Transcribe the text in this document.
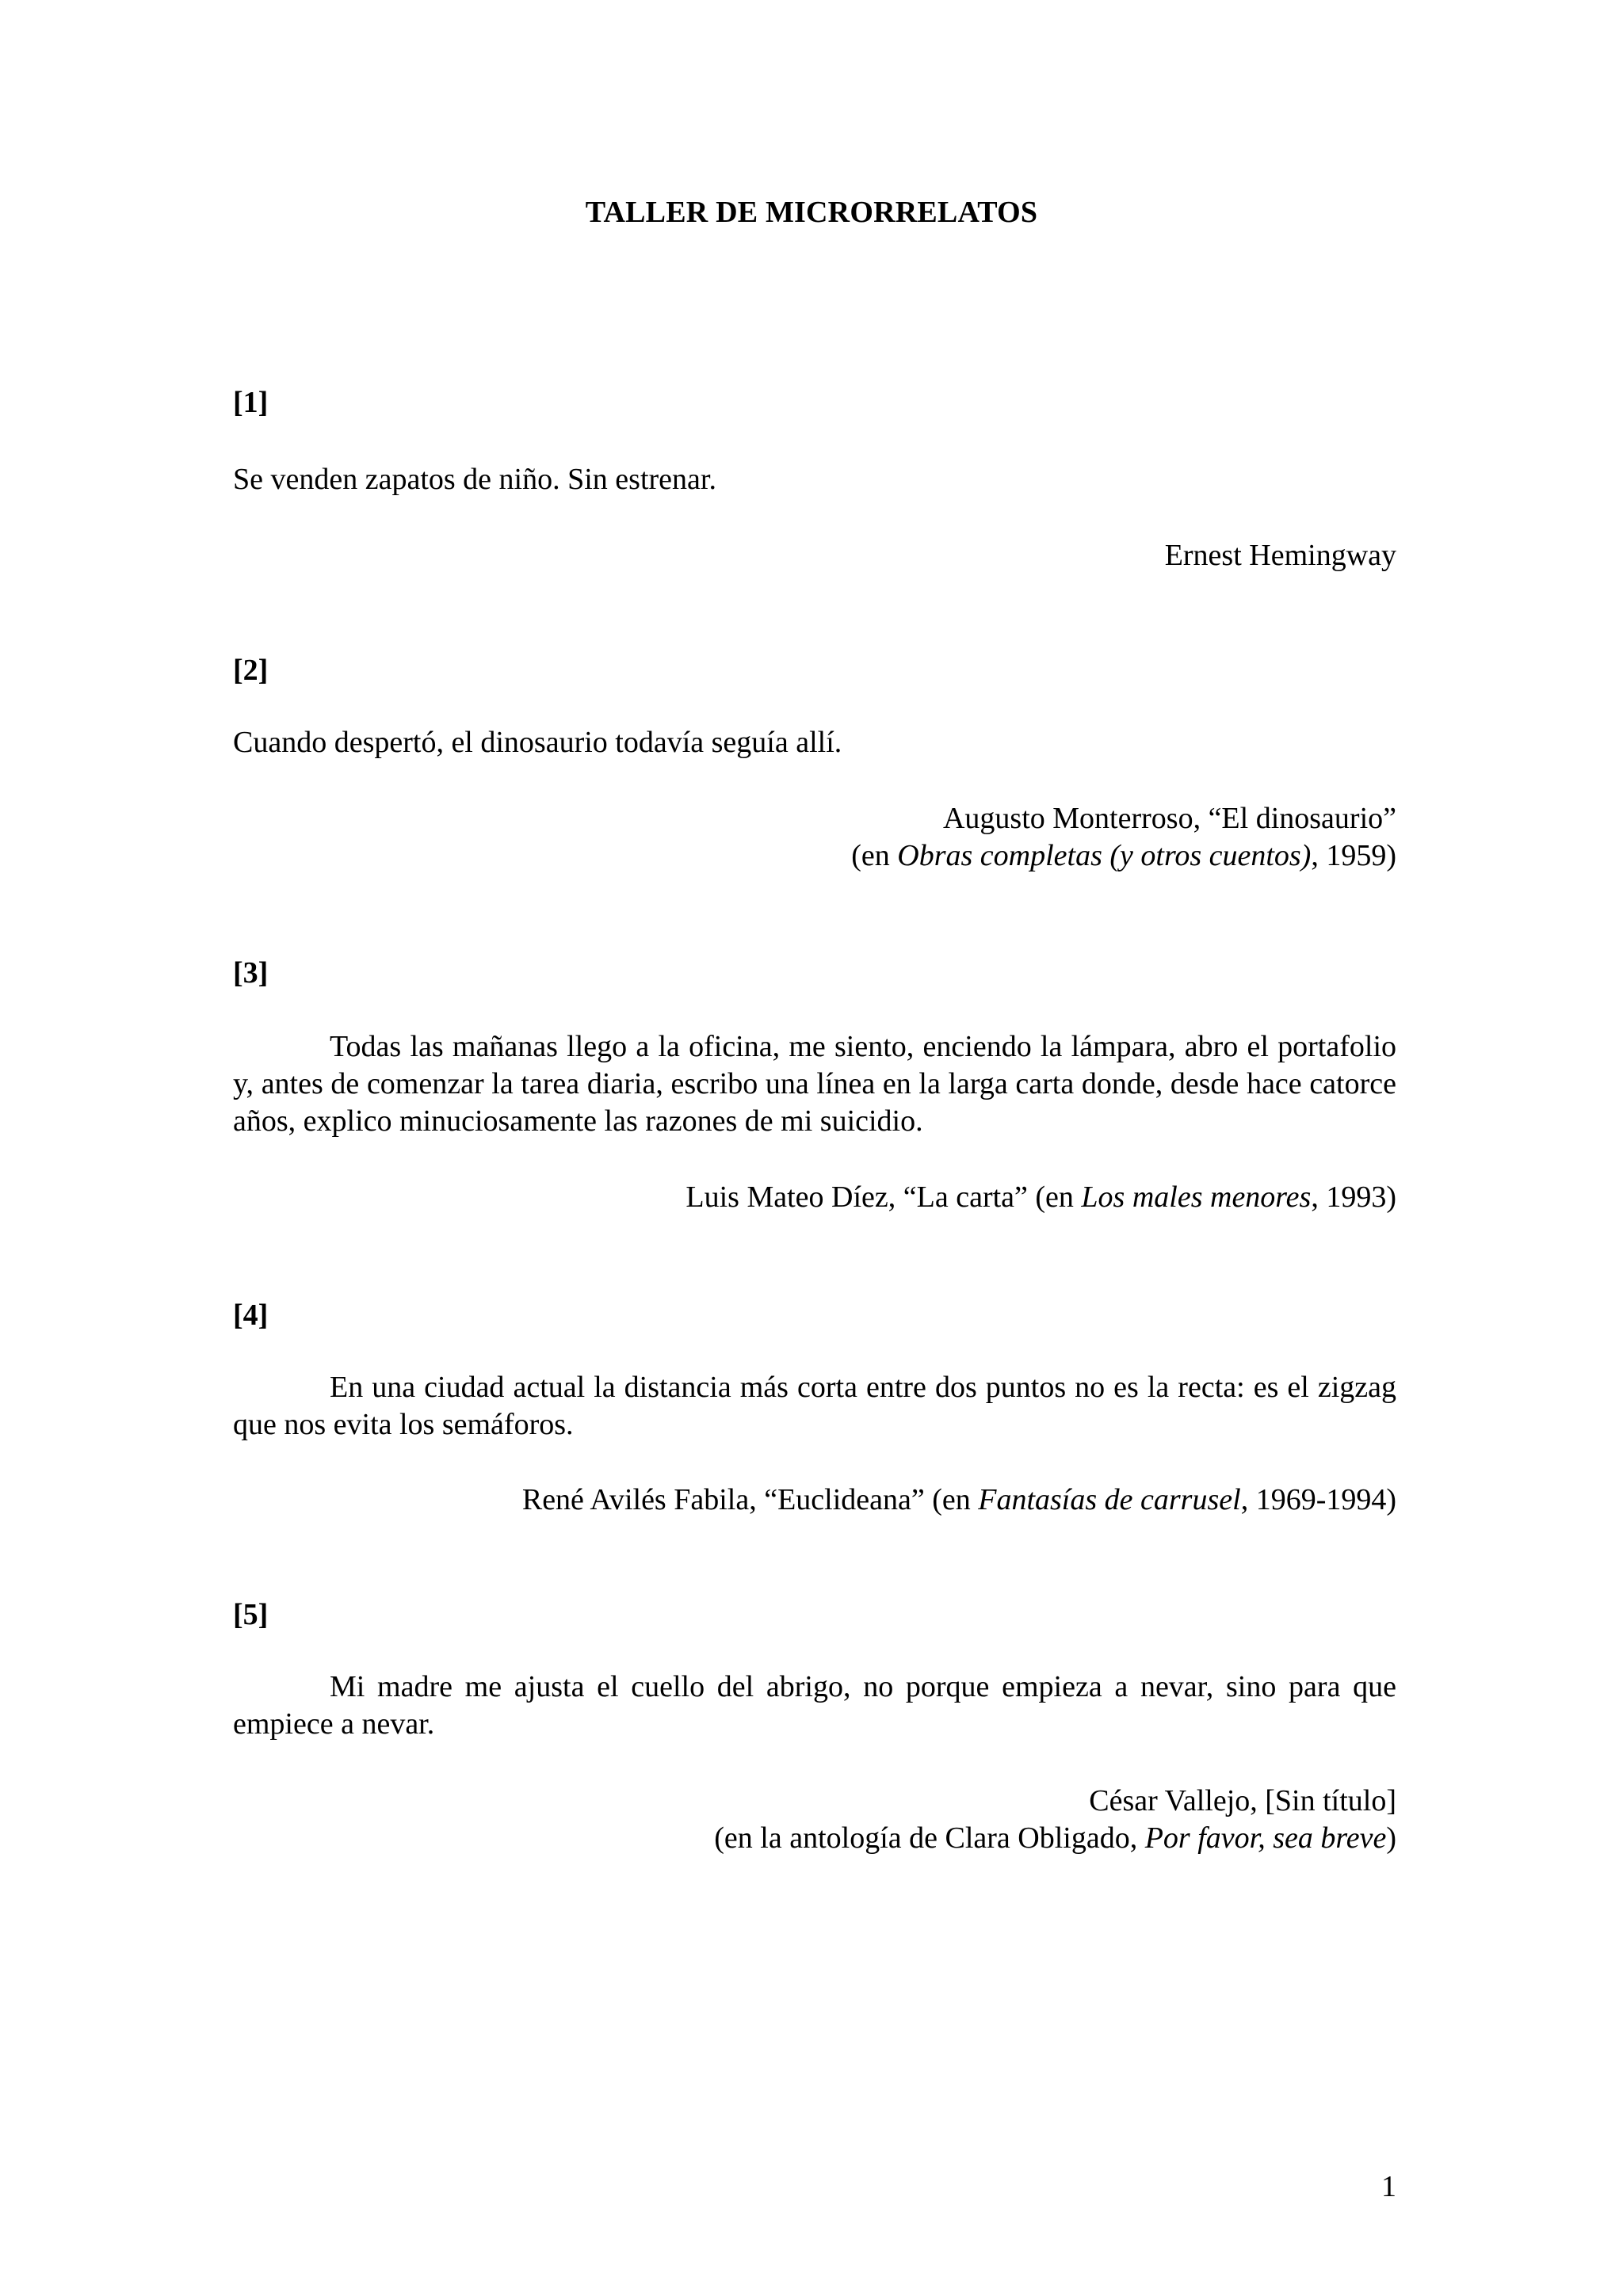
TALLER DE MICRORRELATOS
[1]
Se venden zapatos de niño. Sin estrenar.
Ernest Hemingway
[2]
Cuando despertó, el dinosaurio todavía seguía allí.
Augusto Monterroso, “El dinosaurio”
(en Obras completas (y otros cuentos), 1959)
[3]
Todas las mañanas llego a la oficina, me siento, enciendo la lámpara, abro el portafolio y, antes de comenzar la tarea diaria, escribo una línea en la larga carta donde, desde hace catorce años, explico minuciosamente las razones de mi suicidio.
Luis Mateo Díez, “La carta” (en Los males menores, 1993)
[4]
En una ciudad actual la distancia más corta entre dos puntos no es la recta: es el zigzag que nos evita los semáforos.
René Avilés Fabila, “Euclideana” (en Fantasías de carrusel, 1969-1994)
[5]
Mi madre me ajusta el cuello del abrigo, no porque empieza a nevar, sino para que empiece a nevar.
César Vallejo, [Sin título]
(en la antología de Clara Obligado, Por favor, sea breve)
1
